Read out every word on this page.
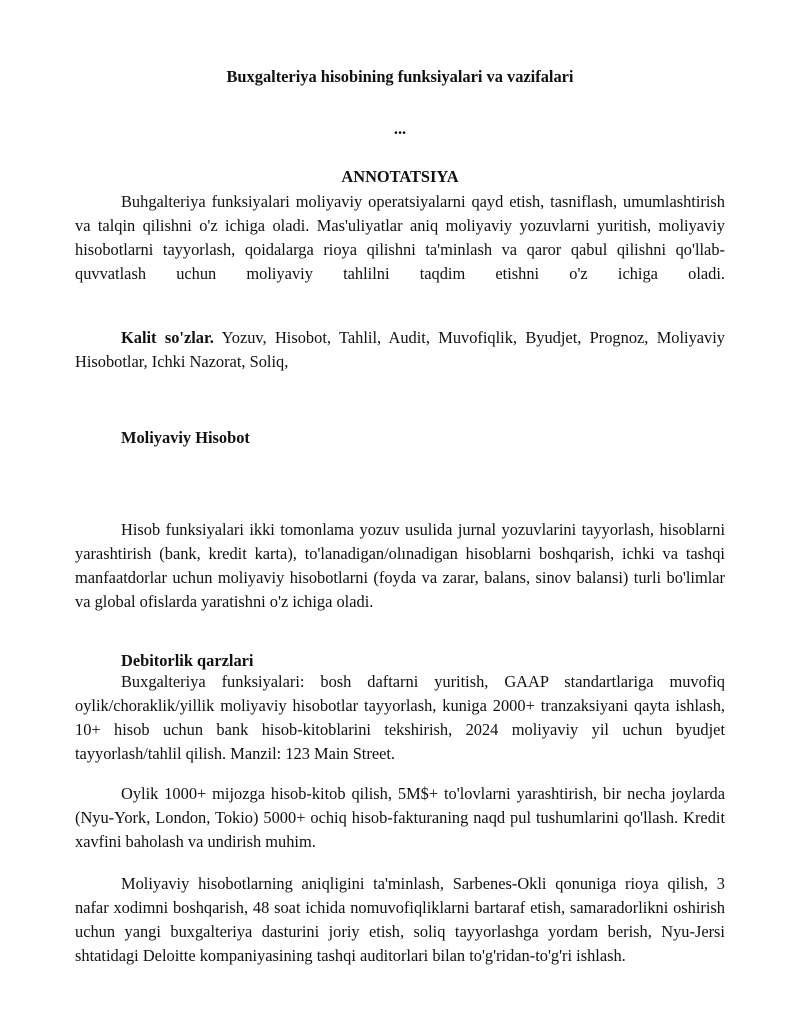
Buxgalteriya hisobining funksiyalari va vazifalari

...

ANNOTATSIYA

Buhgalteriya funksiyalari moliyaviy operatsiyalarni qayd etish, tasniflash, umumlashtirish va talqin qilishni o'z ichiga oladi. Mas'uliyatlar aniq moliyaviy yozuvlarni yuritish, moliyaviy hisobotlarni tayyorlash, qoidalarga rioya qilishni ta'minlash va qaror qabul qilishni qo'llab-quvvatlash uchun moliyaviy tahlilni taqdim etishni o'z ichiga oladi.

Kalit so'zlar. Yozuv, Hisobot, Tahlil, Audit, Muvofiqlik, Byudjet, Prognoz, Moliyaviy Hisobotlar, Ichki Nazorat, Soliq,

Moliyaviy Hisobot

Hisob funksiyalari ikki tomonlama yozuv usulida jurnal yozuvlarini tayyorlash, hisoblarni yarashtirish (bank, kredit karta), to'lanadigan/olınadigan hisoblarni boshqarish, ichki va tashqi manfaatdorlar uchun moliyaviy hisobotlarni (foyda va zarar, balans, sinov balansi) turli bo'limlar va global ofislarda yaratishni o'z ichiga oladi.

Debitorlik qarzlari

Buxgalteriya funksiyalari: bosh daftarni yuritish, GAAP standartlariga muvofiq oylik/choraklik/yillik moliyaviy hisobotlar tayyorlash, kuniga 2000+ tranzaksiyani qayta ishlash, 10+ hisob uchun bank hisob-kitoblarini tekshirish, 2024 moliyaviy yil uchun byudjet tayyorlash/tahlil qilish. Manzil: 123 Main Street.

Oylik 1000+ mijozga hisob-kitob qilish, 5M$+ to'lovlarni yarashtirish, bir necha joylarda (Nyu-York, London, Tokio) 5000+ ochiq hisob-fakturaning naqd pul tushumlarini qo'llash. Kredit xavfini baholash va undirish muhim.

Moliyaviy hisobotlarning aniqligini ta'minlash, Sarbenes-Okli qonuniga rioya qilish, 3 nafar xodimni boshqarish, 48 soat ichida nomuvofiqliklarni bartaraf etish, samaradorlikni oshirish uchun yangi buxgalteriya dasturini joriy etish, soliq tayyorlashga yordam berish, Nyu-Jersi shtatidagi Deloitte kompaniyasining tashqi auditorlari bilan to'g'ridan-to'g'ri ishlash.
